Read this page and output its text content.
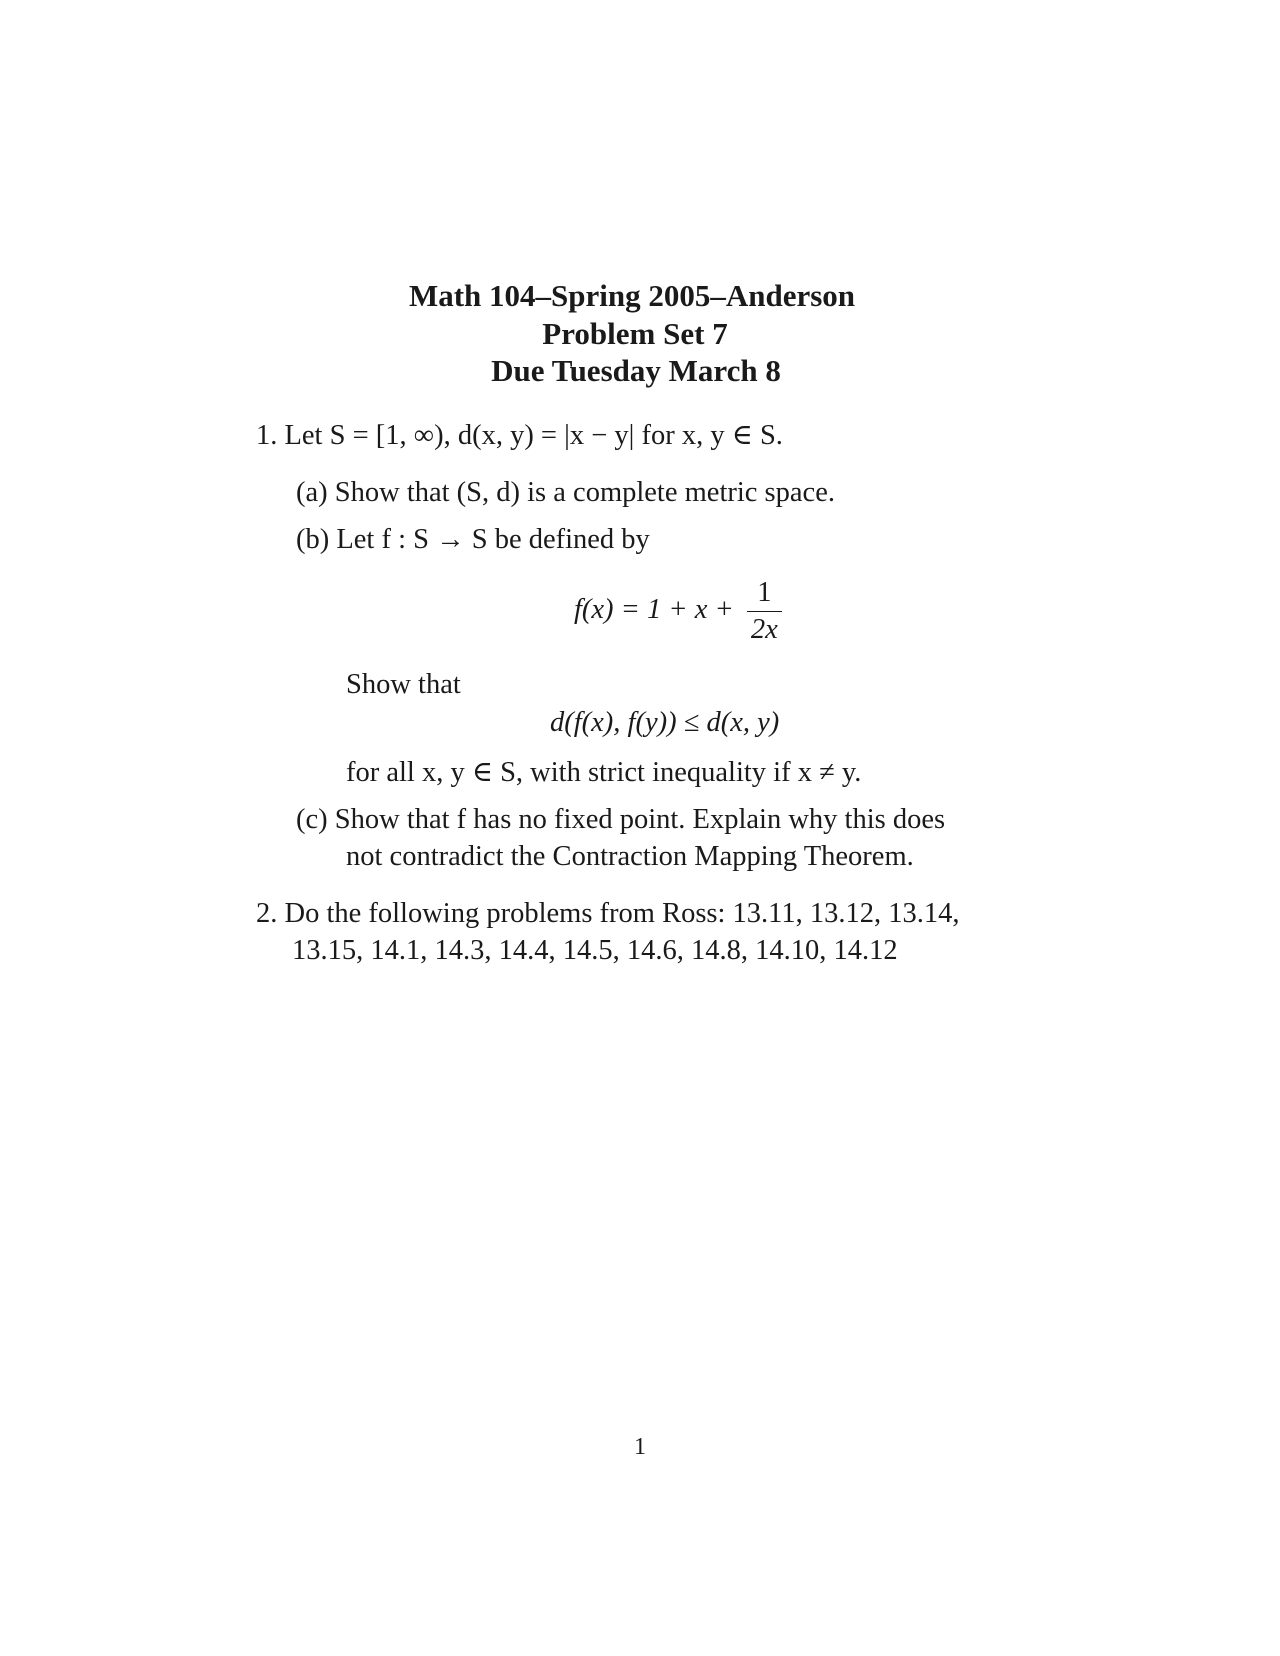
Math 104–Spring 2005–Anderson
Problem Set 7
Due Tuesday March 8
1. Let S = [1, ∞), d(x, y) = |x − y| for x, y ∈ S.
(a) Show that (S, d) is a complete metric space.
(b) Let f : S → S be defined by
$f(x) = 1 + x + \frac{1}{2x}$
Show that
d(f(x), f(y)) ≤ d(x, y)
for all x, y ∈ S, with strict inequality if x ≠ y.
(c) Show that f has no fixed point. Explain why this does
not contradict the Contraction Mapping Theorem.
2. Do the following problems from Ross: 13.11, 13.12, 13.14,
13.15, 14.1, 14.3, 14.4, 14.5, 14.6, 14.8, 14.10, 14.12
1
